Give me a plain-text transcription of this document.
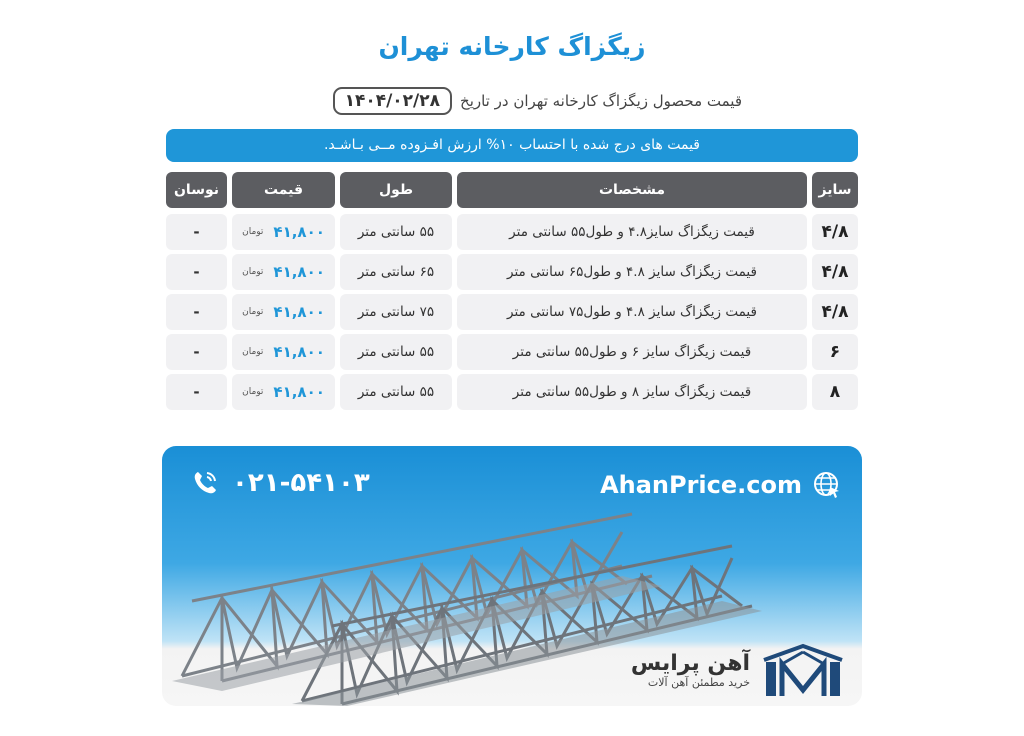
زیگزاگ کارخانه تهران
قیمت محصول زیگزاگ کارخانه تهران در تاریخ
۱۴۰۴/۰۲/۲۸
قیمت های درج شده با احتساب ۱۰% ارزش افـزوده مــی بـاشـد.
سایز
مشخصات
طول
قیمت
نوسان
۴/۸
قیمت زیگزاگ سایز۴.۸ و طول۵۵ سانتی متر
۵۵ سانتی متر
تومان ۴۱,۸۰۰
-
۴/۸
قیمت زیگزاگ سایز ۴.۸ و طول۶۵ سانتی متر
۶۵ سانتی متر
تومان ۴۱,۸۰۰
-
۴/۸
قیمت زیگزاگ سایز ۴.۸ و طول۷۵ سانتی متر
۷۵ سانتی متر
تومان ۴۱,۸۰۰
-
۶
قیمت زیگزاگ سایز ۶ و طول۵۵ سانتی متر
۵۵ سانتی متر
تومان ۴۱,۸۰۰
-
۸
قیمت زیگزاگ سایز ۸ و طول۵۵ سانتی متر
۵۵ سانتی متر
تومان ۴۱,۸۰۰
-
۰۲۱-۵۴۱۰۳	AhanPrice.com
آهن پرایس
خرید مطمئن آهن آلات
